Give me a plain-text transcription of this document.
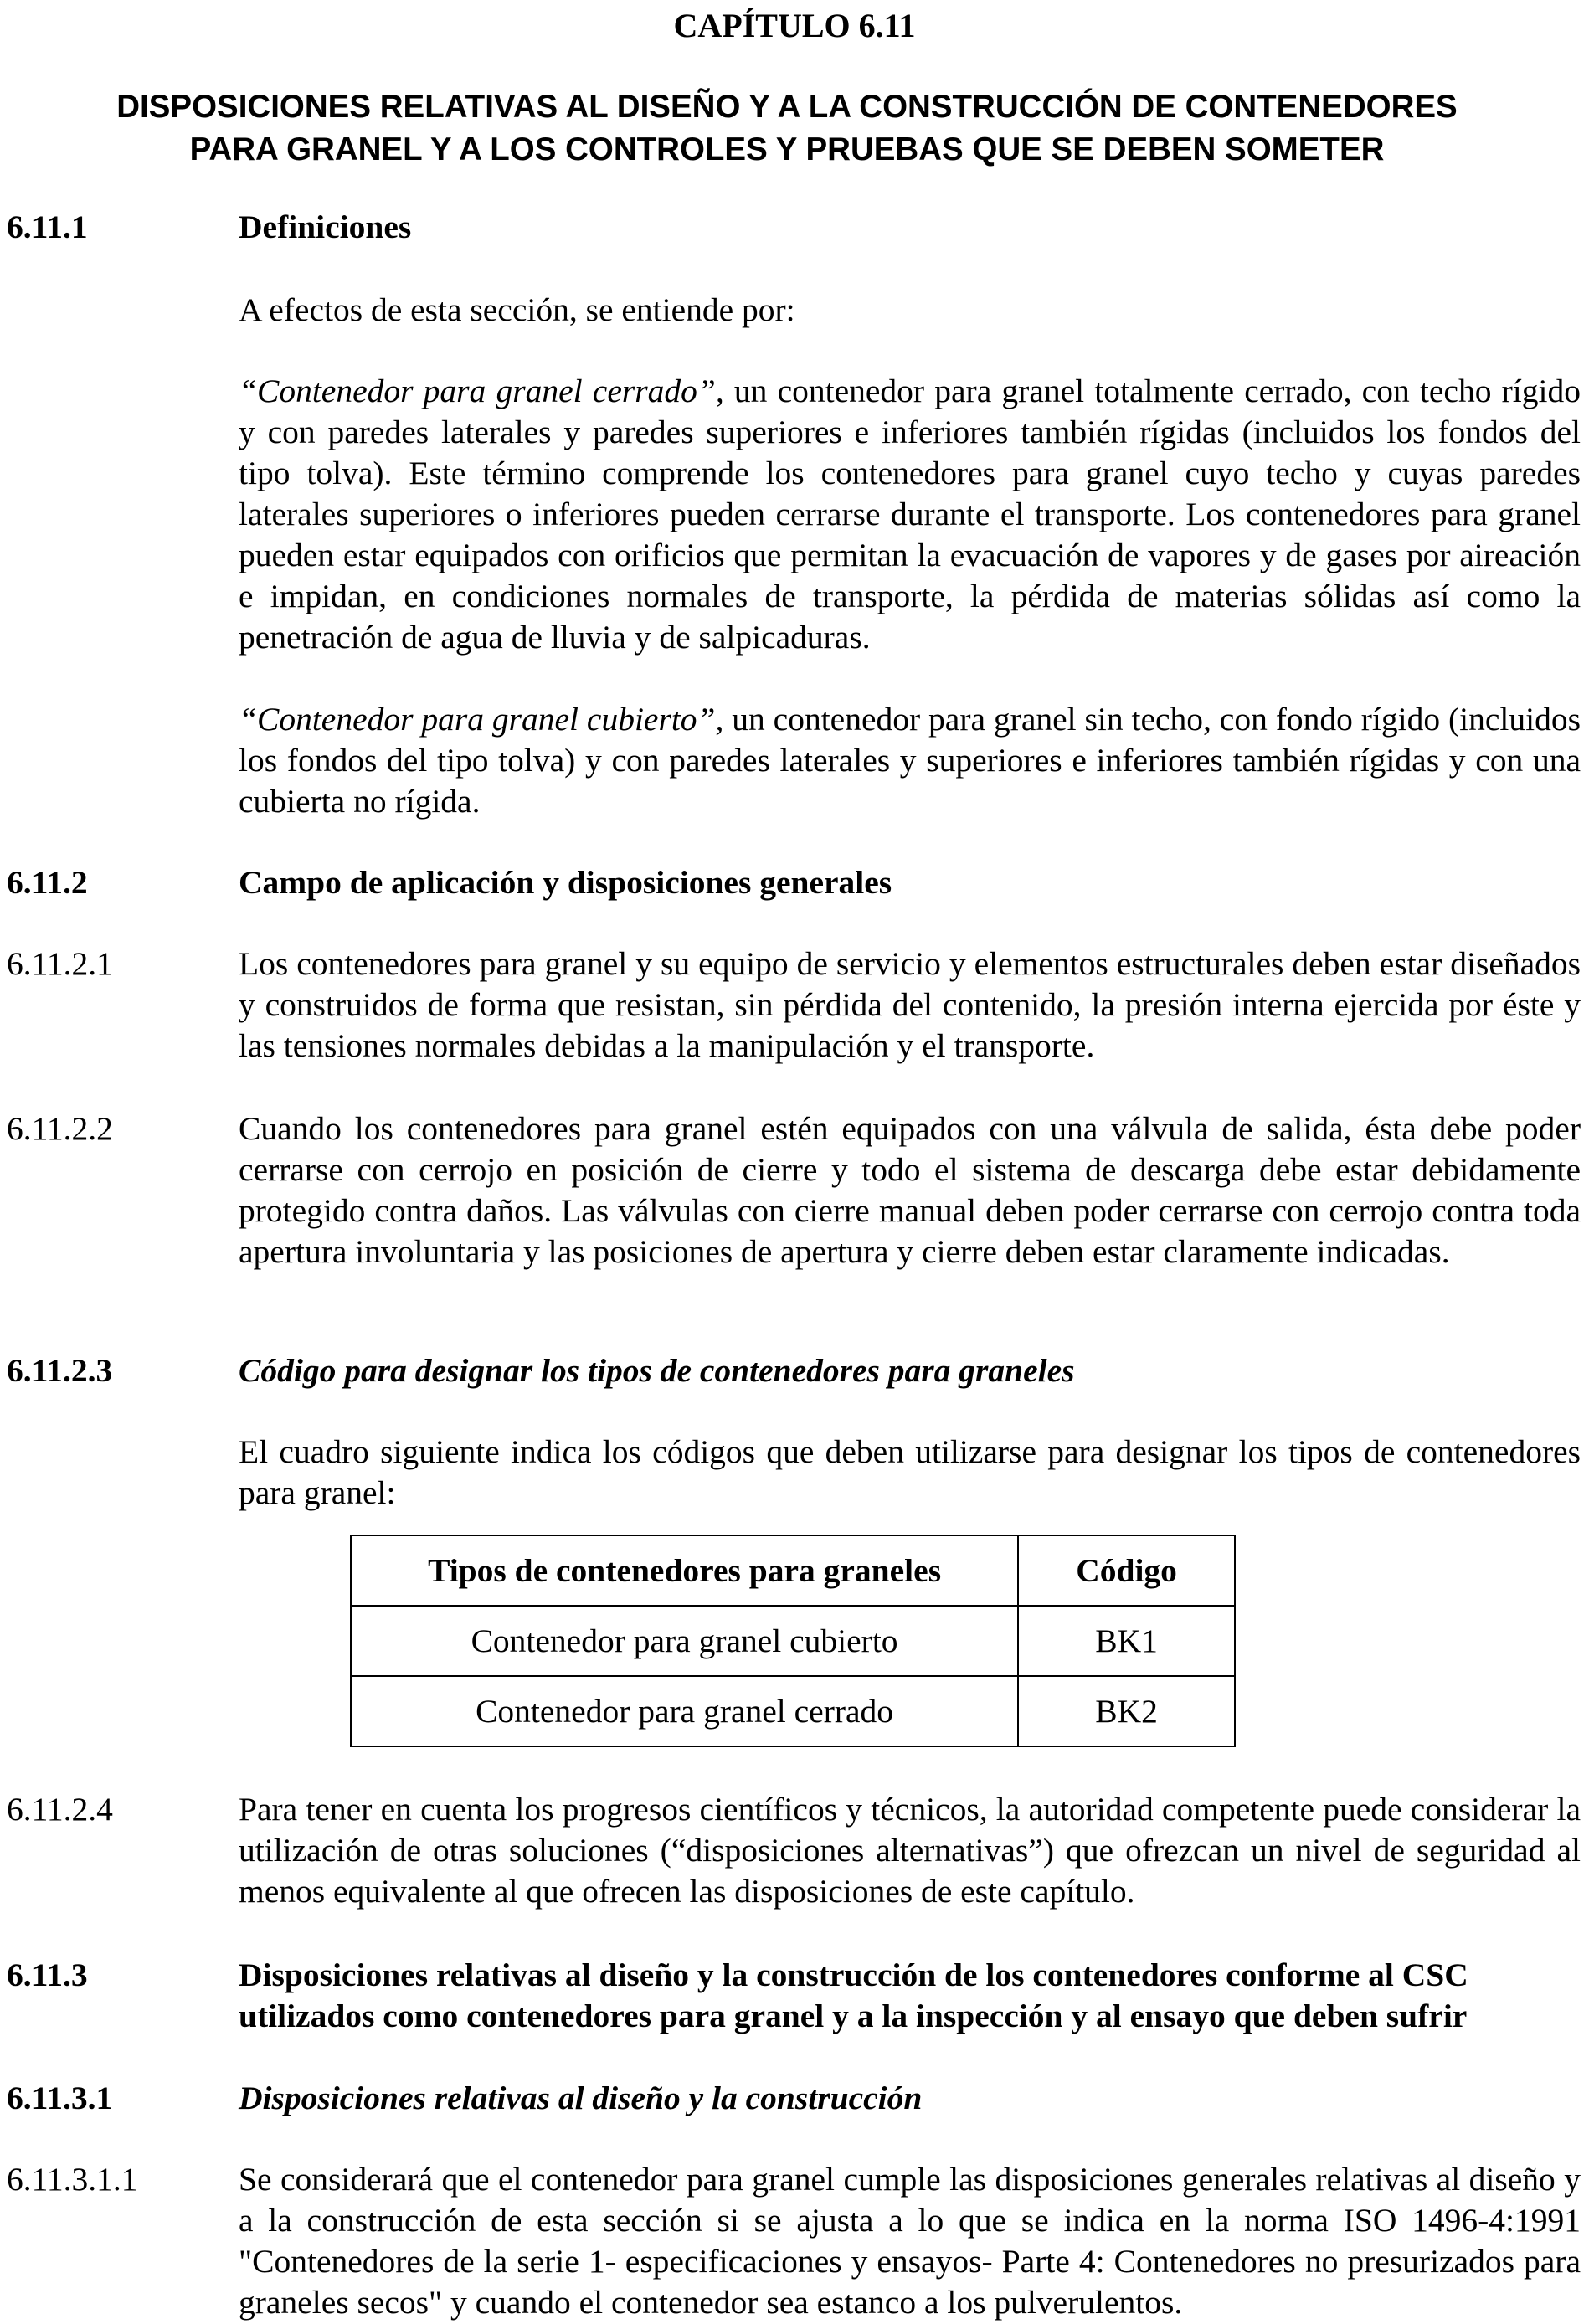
CAPÍTULO 6.11
DISPOSICIONES RELATIVAS AL DISEÑO Y A LA CONSTRUCCIÓN DE CONTENEDORES
PARA GRANEL Y A LOS CONTROLES Y PRUEBAS QUE SE DEBEN SOMETER
6.11.1	Definiciones
A efectos de esta sección, se entiende por:
“Contenedor para granel cerrado”, un contenedor para granel totalmente cerrado, con techo rígido y con paredes laterales y paredes superiores e inferiores también rígidas (incluidos los fondos del tipo tolva). Este término comprende los contenedores para granel cuyo techo y cuyas paredes laterales superiores o inferiores pueden cerrarse durante el transporte. Los contenedores para granel pueden estar equipados con orificios que permitan la evacuación de vapores y de gases por aireación e impidan, en condiciones normales de transporte, la pérdida de materias sólidas así como la penetración de agua de lluvia y de salpicaduras.
“Contenedor para granel cubierto”, un contenedor para granel sin techo, con fondo rígido (incluidos los fondos del tipo tolva) y con paredes laterales y superiores e inferiores también rígidas y con una cubierta no rígida.
6.11.2	Campo de aplicación y disposiciones generales
6.11.2.1	Los contenedores para granel y su equipo de servicio y elementos estructurales deben estar diseñados y construidos de forma que resistan, sin pérdida del contenido, la presión interna ejercida por éste y las tensiones normales debidas a la manipulación y el transporte.
6.11.2.2	Cuando los contenedores para granel estén equipados con una válvula de salida, ésta debe poder cerrarse con cerrojo en posición de cierre y todo el sistema de descarga debe estar debidamente protegido contra daños. Las válvulas con cierre manual deben poder cerrarse con cerrojo contra toda apertura involuntaria y las posiciones de apertura y cierre deben estar claramente indicadas.
6.11.2.3	Código para designar los tipos de contenedores para graneles
El cuadro siguiente indica los códigos que deben utilizarse para designar los tipos de contenedores para granel:
Tipos de contenedores para graneles	Código
Contenedor para granel cubierto	BK1
Contenedor para granel cerrado	BK2
6.11.2.4	Para tener en cuenta los progresos científicos y técnicos, la autoridad competente puede considerar la utilización de otras soluciones (“disposiciones alternativas”) que ofrezcan un nivel de seguridad al menos equivalente al que ofrecen las disposiciones de este capítulo.
6.11.3	Disposiciones relativas al diseño y la construcción de los contenedores conforme al CSC
utilizados como contenedores para granel y a la inspección y al ensayo que deben sufrir
6.11.3.1	Disposiciones relativas al diseño y la construcción
6.11.3.1.1	Se considerará que el contenedor para granel cumple las disposiciones generales relativas al diseño y a la construcción de esta sección si se ajusta a lo que se indica en la norma ISO 1496-4:1991 "Contenedores de la serie 1- especificaciones y ensayos- Parte 4: Contenedores no presurizados para graneles secos" y cuando el contenedor sea estanco a los pulverulentos.
